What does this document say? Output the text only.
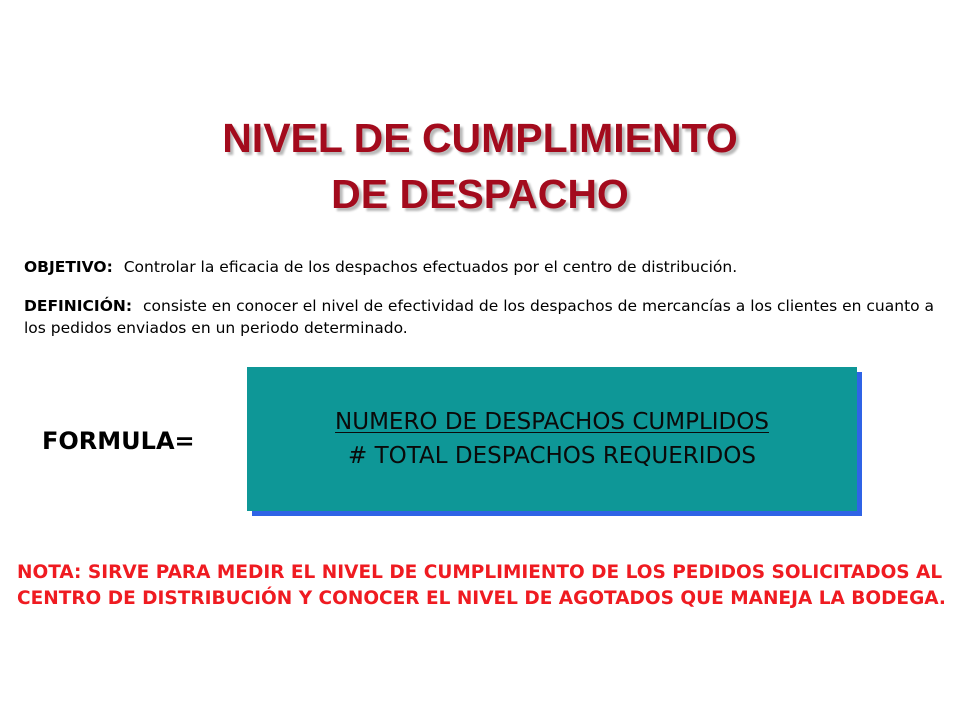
NIVEL DE CUMPLIMIENTO
DE DESPACHO
OBJETIVO: Controlar la eficacia de los despachos efectuados por el centro de distribución.
DEFINICIÓN: consiste en conocer el nivel de efectividad de los despachos de mercancías a los clientes en cuanto a los pedidos enviados en un periodo determinado.
FORMULA=
NUMERO DE DESPACHOS CUMPLIDOS
# TOTAL DESPACHOS REQUERIDOS
NOTA: SIRVE PARA MEDIR EL NIVEL DE CUMPLIMIENTO DE LOS PEDIDOS SOLICITADOS AL CENTRO DE DISTRIBUCIÓN Y CONOCER EL NIVEL DE AGOTADOS QUE MANEJA LA BODEGA.
